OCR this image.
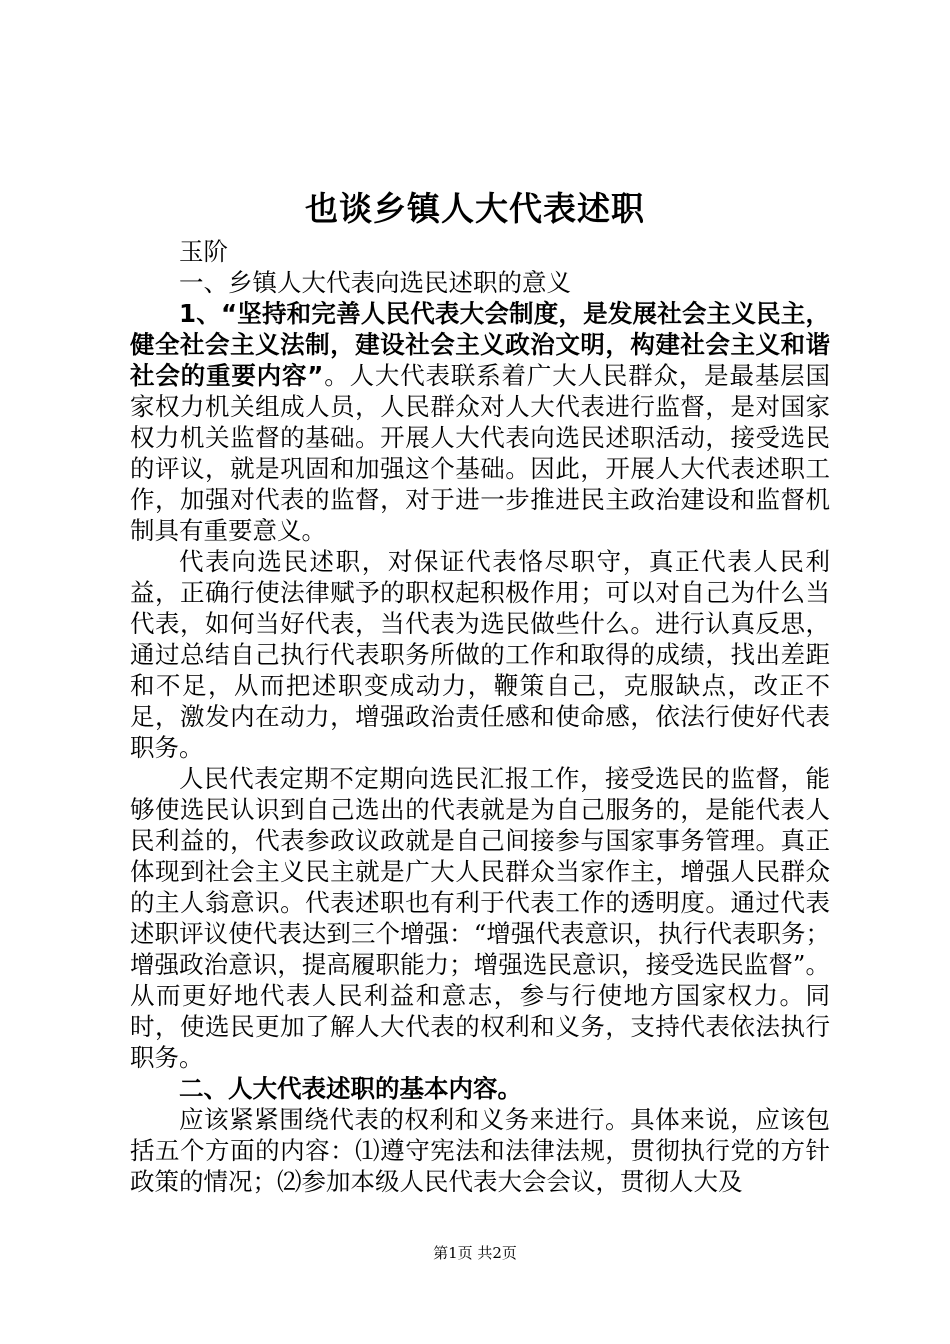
也谈乡镇人大代表述职

玉阶

一、乡镇人大代表向选民述职的意义

1、“坚持和完善人民代表大会制度，是发展社会主义民主，健全社会主义法制，建设社会主义政治文明，构建社会主义和谐社会的重要内容”。人大代表联系着广大人民群众，是最基层国家权力机关组成人员，人民群众对人大代表进行监督，是对国家权力机关监督的基础。开展人大代表向选民述职活动，接受选民的评议，就是巩固和加强这个基础。因此，开展人大代表述职工作，加强对代表的监督，对于进一步推进民主政治建设和监督机制具有重要意义。

代表向选民述职，对保证代表恪尽职守，真正代表人民利益，正确行使法律赋予的职权起积极作用；可以对自己为什么当代表，如何当好代表，当代表为选民做些什么。进行认真反思，通过总结自己执行代表职务所做的工作和取得的成绩，找出差距和不足，从而把述职变成动力，鞭策自己，克服缺点，改正不足，激发内在动力，增强政治责任感和使命感，依法行使好代表职务。

人民代表定期不定期向选民汇报工作，接受选民的监督，能够使选民认识到自己选出的代表就是为自己服务的，是能代表人民利益的，代表参政议政就是自己间接参与国家事务管理。真正体现到社会主义民主就是广大人民群众当家作主，增强人民群众的主人翁意识。代表述职也有利于代表工作的透明度。通过代表述职评议使代表达到三个增强：“增强代表意识，执行代表职务；增强政治意识，提高履职能力；增强选民意识，接受选民监督”。从而更好地代表人民利益和意志，参与行使地方国家权力。同时，使选民更加了解人大代表的权利和义务，支持代表依法执行职务。

二、人大代表述职的基本内容。

应该紧紧围绕代表的权利和义务来进行。具体来说，应该包括五个方面的内容：⑴遵守宪法和法律法规，贯彻执行党的方针政策的情况；⑵参加本级人民代表大会会议，贯彻人大及

第1页 共2页
